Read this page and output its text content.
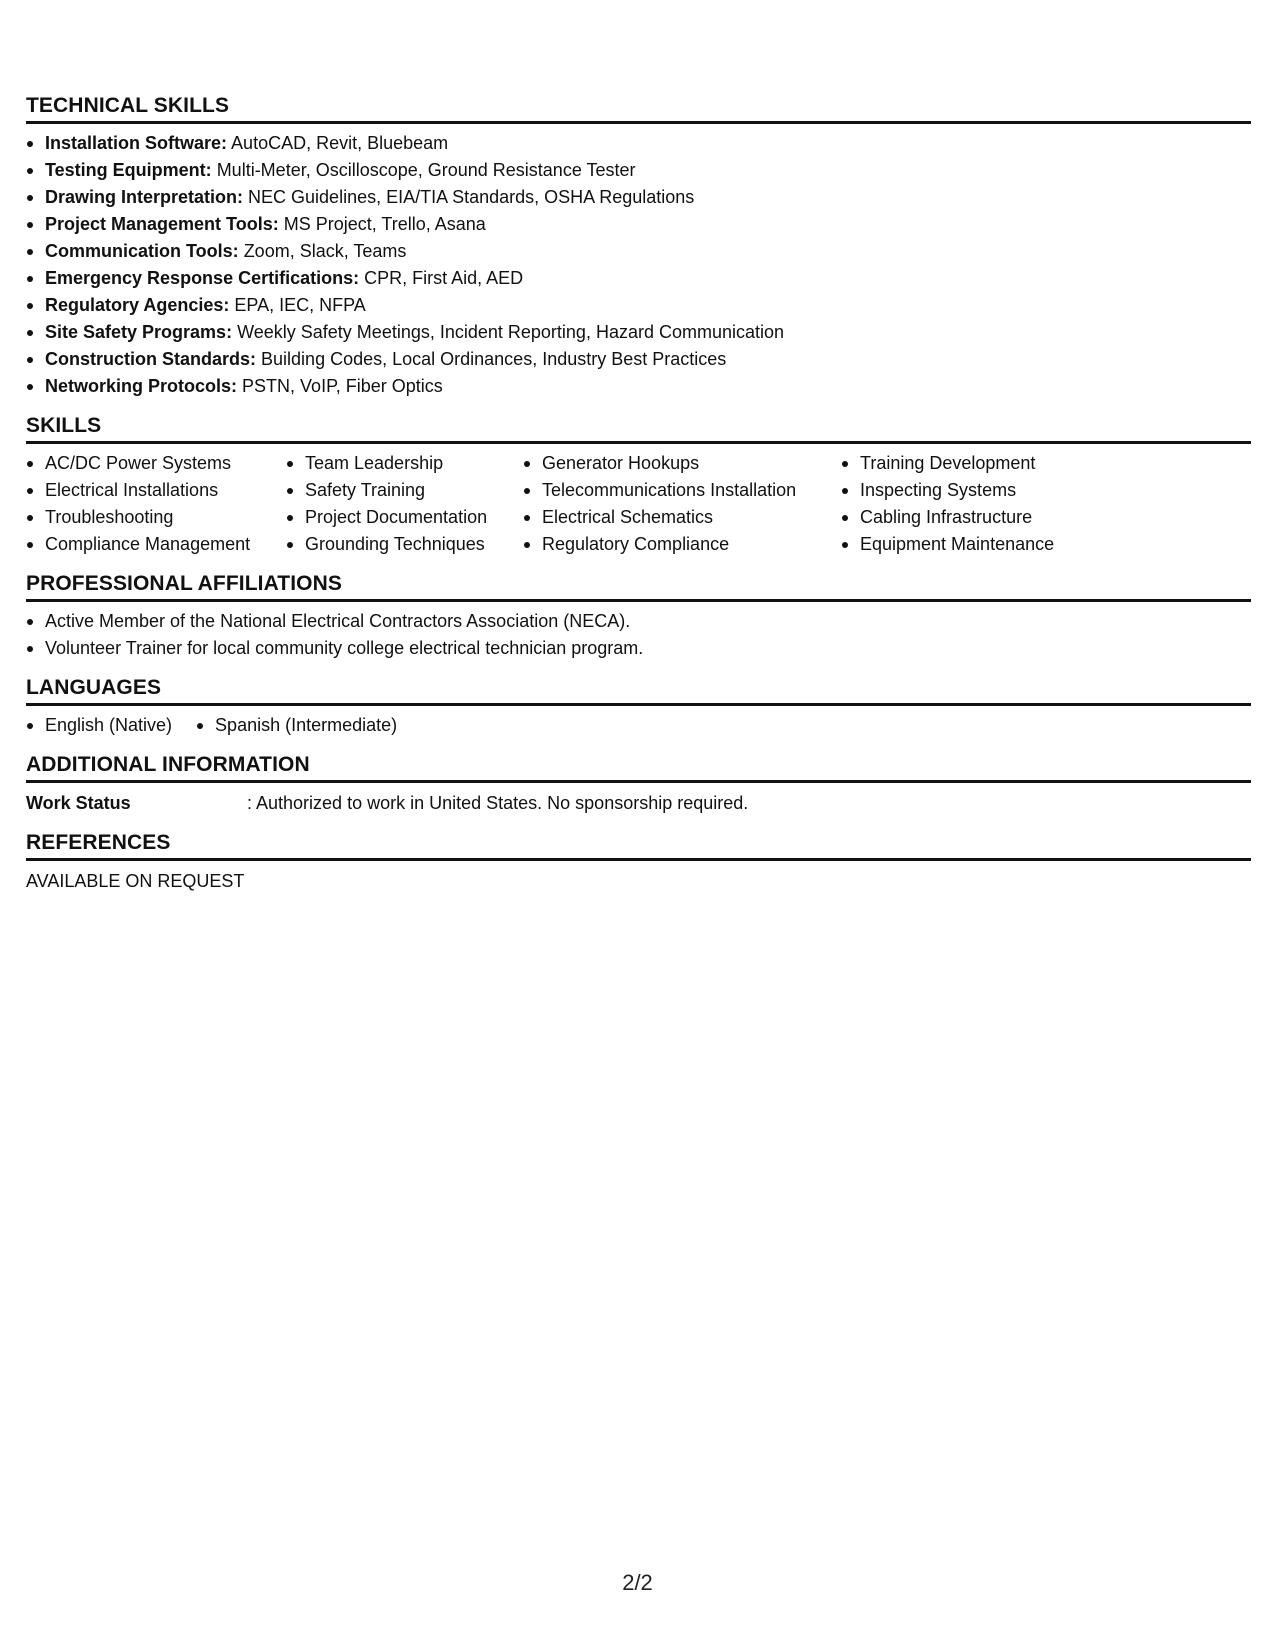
TECHNICAL SKILLS
Installation Software: AutoCAD, Revit, Bluebeam
Testing Equipment: Multi-Meter, Oscilloscope, Ground Resistance Tester
Drawing Interpretation: NEC Guidelines, EIA/TIA Standards, OSHA Regulations
Project Management Tools: MS Project, Trello, Asana
Communication Tools: Zoom, Slack, Teams
Emergency Response Certifications: CPR, First Aid, AED
Regulatory Agencies: EPA, IEC, NFPA
Site Safety Programs: Weekly Safety Meetings, Incident Reporting, Hazard Communication
Construction Standards: Building Codes, Local Ordinances, Industry Best Practices
Networking Protocols: PSTN, VoIP, Fiber Optics
SKILLS
AC/DC Power Systems
Electrical Installations
Troubleshooting
Compliance Management
Team Leadership
Safety Training
Project Documentation
Grounding Techniques
Generator Hookups
Telecommunications Installation
Electrical Schematics
Regulatory Compliance
Training Development
Inspecting Systems
Cabling Infrastructure
Equipment Maintenance
PROFESSIONAL AFFILIATIONS
Active Member of the National Electrical Contractors Association (NECA).
Volunteer Trainer for local community college electrical technician program.
LANGUAGES
English (Native)	Spanish (Intermediate)
ADDITIONAL INFORMATION
Work Status	: Authorized to work in United States. No sponsorship required.
REFERENCES
AVAILABLE ON REQUEST
2/2
